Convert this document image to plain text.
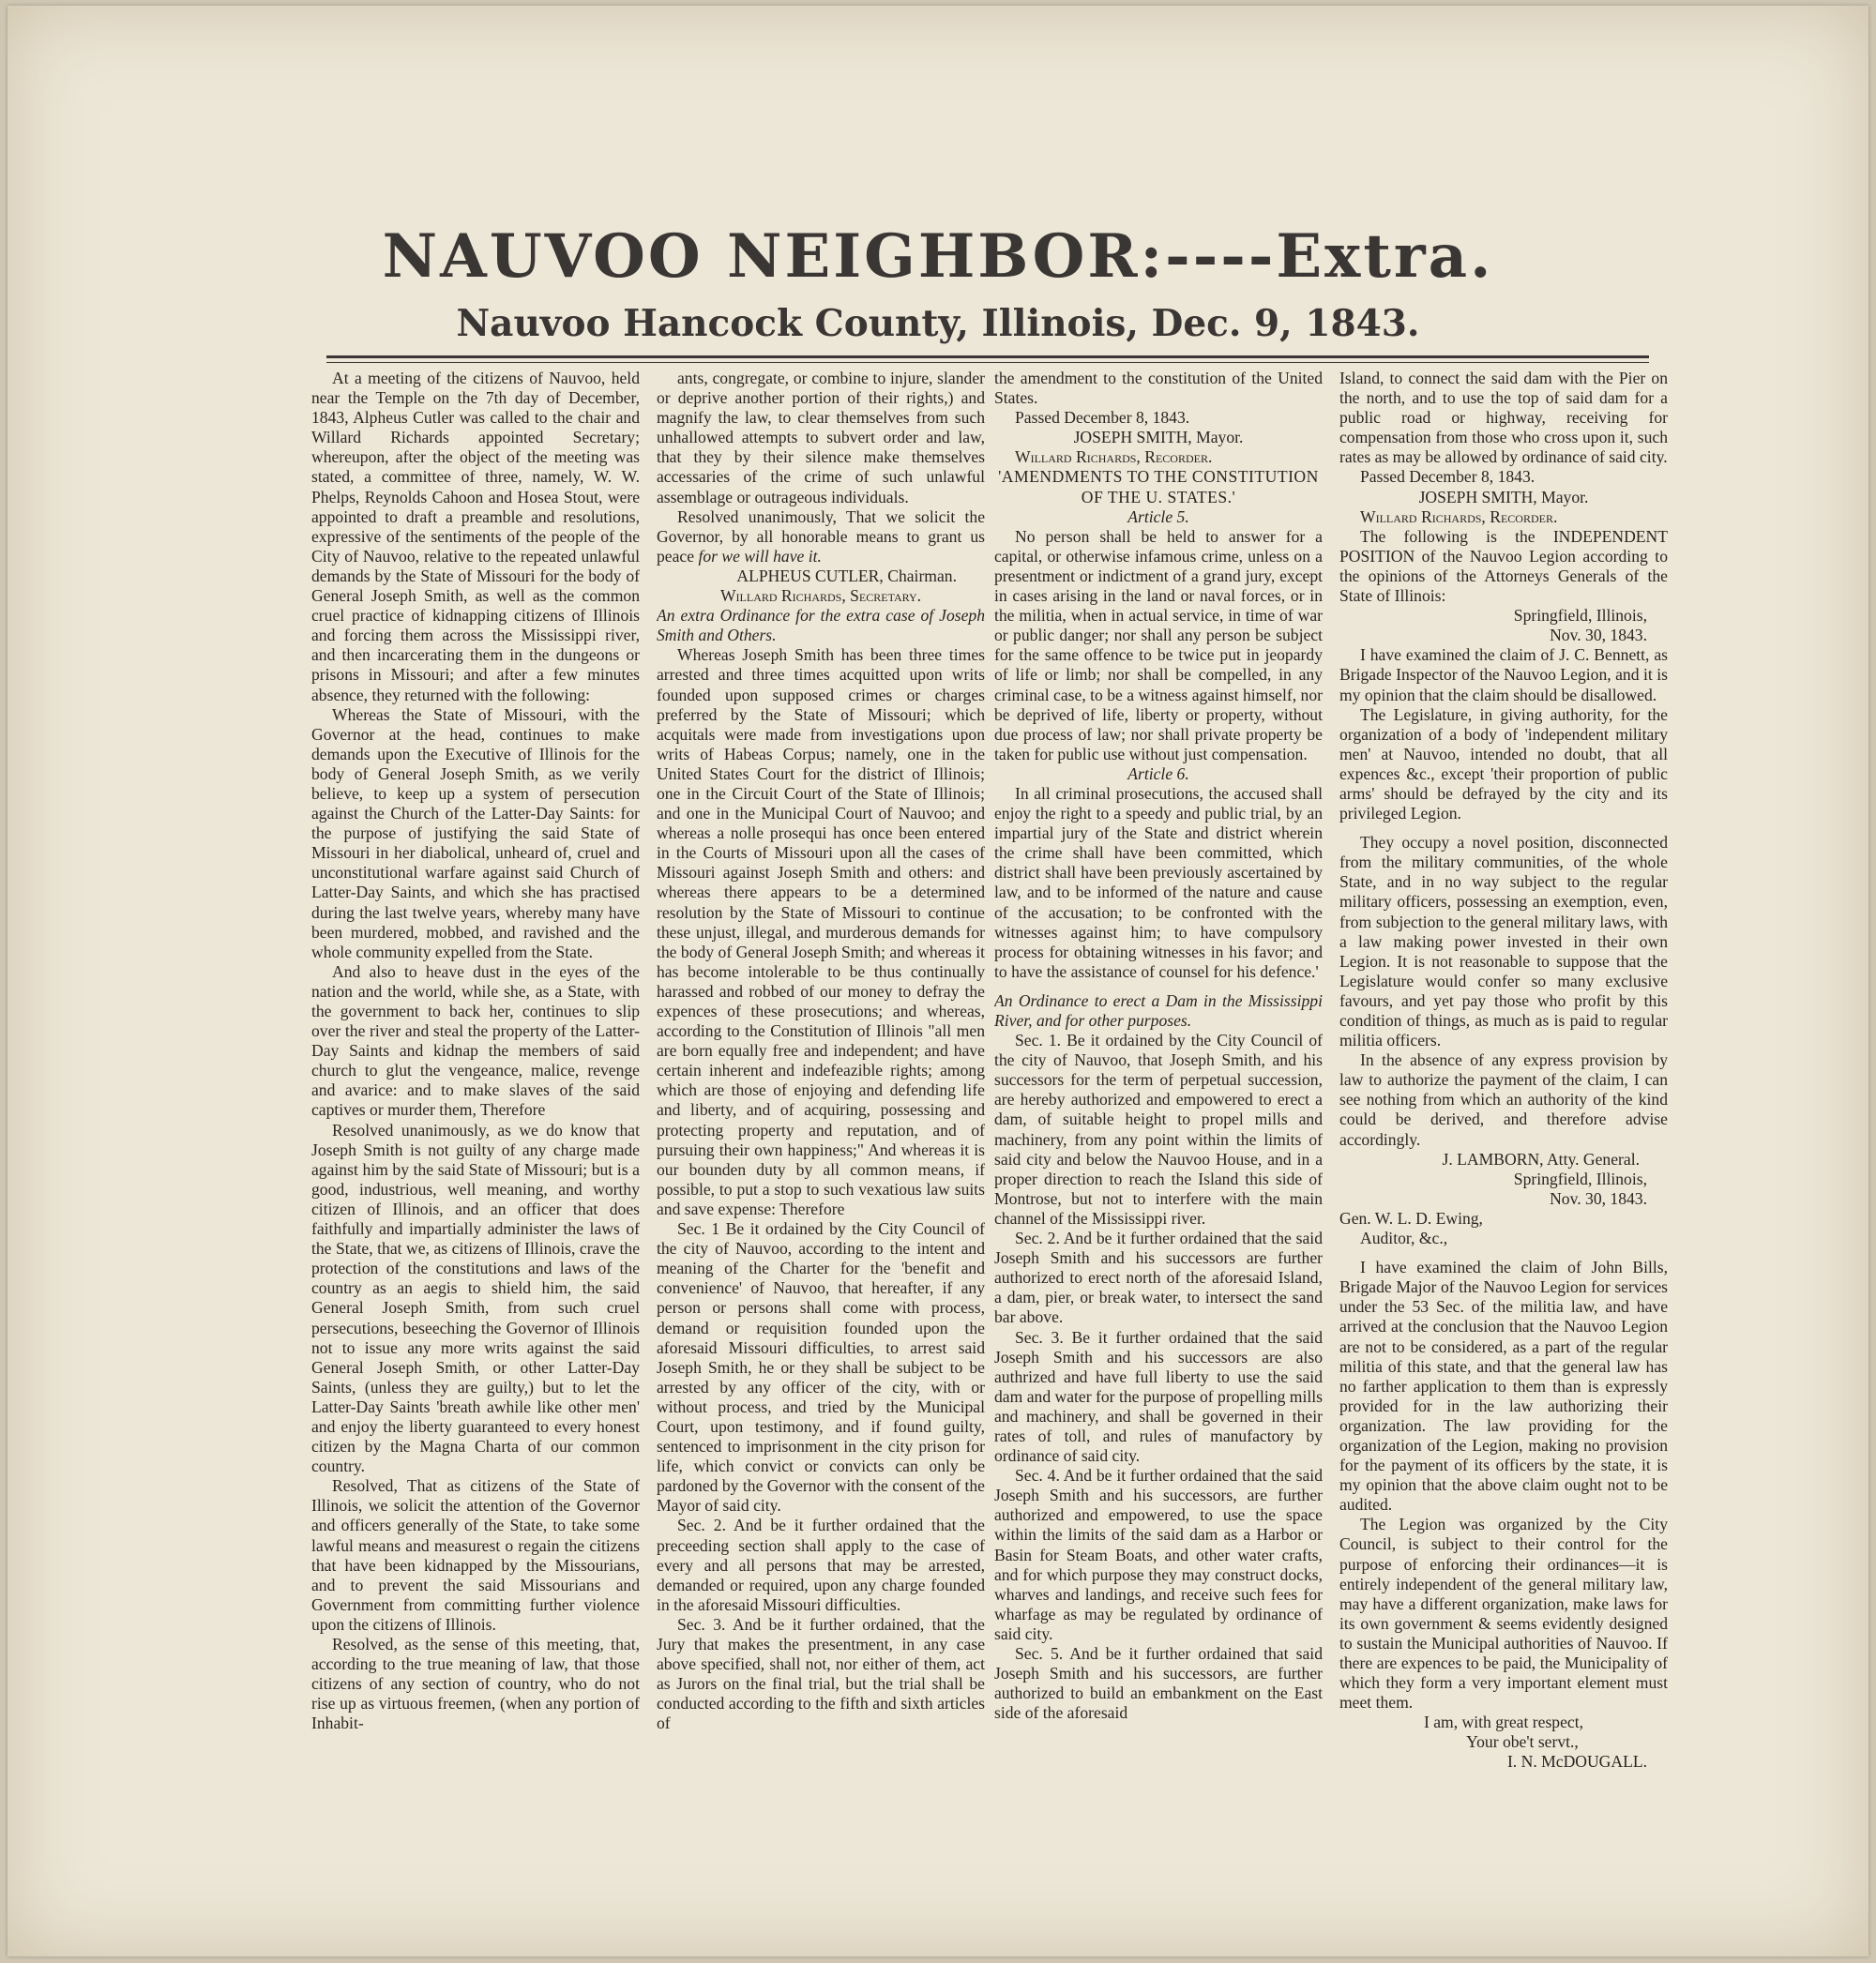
NAUVOO NEIGHBOR:----Extra.
Nauvoo Hancock County, Illinois, Dec. 9, 1843.

At a meeting of the citizens of Nauvoo, held near the Temple on the 7th day of December, 1843, Alpheus Cutler was called to the chair and Willard Richards appointed Secretary; whereupon, after the object of the meeting was stated, a committee of three, namely, W. W. Phelps, Reynolds Cahoon and Hosea Stout, were appointed to draft a preamble and resolutions, expressive of the sentiments of the people of the City of Nauvoo, relative to the repeated unlawful demands by the State of Missouri for the body of General Joseph Smith, as well as the common cruel practice of kidnapping citizens of Illinois and forcing them across the Mississippi river, and then incarcerating them in the dungeons or prisons in Missouri; and after a few minutes absence, they returned with the following:

Whereas the State of Missouri, with the Governor at the head, continues to make demands upon the Executive of Illinois for the body of General Joseph Smith, as we verily believe, to keep up a system of persecution against the Church of the Latter-Day Saints: for the purpose of justifying the said State of Missouri in her diabolical, unheard of, cruel and unconstitutional warfare against said Church of Latter-Day Saints, and which she has practised during the last twelve years, whereby many have been murdered, mobbed, and ravished and the whole community expelled from the State.

And also to heave dust in the eyes of the nation and the world, while she, as a State, with the government to back her, continues to slip over the river and steal the property of the Latter-Day Saints and kidnap the members of said church to glut the vengeance, malice, revenge and avarice: and to make slaves of the said captives or murder them, Therefore

Resolved unanimously, as we do know that Joseph Smith is not guilty of any charge made against him by the said State of Missouri; but is a good, industrious, well meaning, and worthy citizen of Illinois, and an officer that does faithfully and impartially administer the laws of the State, that we, as citizens of Illinois, crave the protection of the constitutions and laws of the country as an aegis to shield him, the said General Joseph Smith, from such cruel persecutions, beseeching the Governor of Illinois not to issue any more writs against the said General Joseph Smith, or other Latter-Day Saints, (unless they are guilty,) but to let the Latter-Day Saints 'breath awhile like other men' and enjoy the liberty guaranteed to every honest citizen by the Magna Charta of our common country.

Resolved, That as citizens of the State of Illinois, we solicit the attention of the Governor and officers generally of the State, to take some lawful means and measurest o regain the citizens that have been kidnapped by the Missourians, and to prevent the said Missourians and Government from committing further violence upon the citizens of Illinois.

Resolved, as the sense of this meeting, that, according to the true meaning of law, that those citizens of any section of country, who do not rise up as virtuous freemen, (when any portion of Inhabit-

ants, congregate, or combine to injure, slander or deprive another portion of their rights,) and magnify the law, to clear themselves from such unhallowed attempts to subvert order and law, that they by their silence make themselves accessaries of the crime of such unlawful assemblage or outrageous individuals.

Resolved unanimously, That we solicit the Governor, by all honorable means to grant us peace for we will have it.

ALPHEUS CUTLER, Chairman.

Willard Richards, Secretary.

An extra Ordinance for the extra case of Joseph Smith and Others.

Whereas Joseph Smith has been three times arrested and three times acquitted upon writs founded upon supposed crimes or charges preferred by the State of Missouri; which acquitals were made from investigations upon writs of Habeas Corpus; namely, one in the United States Court for the district of Illinois; one in the Circuit Court of the State of Illinois; and one in the Municipal Court of Nauvoo; and whereas a nolle prosequi has once been entered in the Courts of Missouri upon all the cases of Missouri against Joseph Smith and others: and whereas there appears to be a determined resolution by the State of Missouri to continue these unjust, illegal, and murderous demands for the body of General Joseph Smith; and whereas it has become intolerable to be thus continually harassed and robbed of our money to defray the expences of these prosecutions; and whereas, according to the Constitution of Illinois "all men are born equally free and independent; and have certain inherent and indefeazible rights; among which are those of enjoying and defending life and liberty, and of acquiring, possessing and protecting property and reputation, and of pursuing their own happiness;" And whereas it is our bounden duty by all common means, if possible, to put a stop to such vexatious law suits and save expense: Therefore

Sec. 1 Be it ordained by the City Council of the city of Nauvoo, according to the intent and meaning of the Charter for the 'benefit and convenience' of Nauvoo, that hereafter, if any person or persons shall come with process, demand or requisition founded upon the aforesaid Missouri difficulties, to arrest said Joseph Smith, he or they shall be subject to be arrested by any officer of the city, with or without process, and tried by the Municipal Court, upon testimony, and if found guilty, sentenced to imprisonment in the city prison for life, which convict or convicts can only be pardoned by the Governor with the consent of the Mayor of said city.

Sec. 2. And be it further ordained that the preceeding section shall apply to the case of every and all persons that may be arrested, demanded or required, upon any charge founded in the aforesaid Missouri difficulties.

Sec. 3. And be it further ordained, that the Jury that makes the presentment, in any case above specified, shall not, nor either of them, act as Jurors on the final trial, but the trial shall be conducted according to the fifth and sixth articles of

the amendment to the constitution of the United States.

Passed December 8, 1843.

JOSEPH SMITH, Mayor.

Willard Richards, Recorder.

'AMENDMENTS TO THE CONSTITUTION OF THE U. STATES.'

Article 5.

No person shall be held to answer for a capital, or otherwise infamous crime, unless on a presentment or indictment of a grand jury, except in cases arising in the land or naval forces, or in the militia, when in actual service, in time of war or public danger; nor shall any person be subject for the same offence to be twice put in jeopardy of life or limb; nor shall be compelled, in any criminal case, to be a witness against himself, nor be deprived of life, liberty or property, without due process of law; nor shall private property be taken for public use without just compensation.

Article 6.

In all criminal prosecutions, the accused shall enjoy the right to a speedy and public trial, by an impartial jury of the State and district wherein the crime shall have been committed, which district shall have been previously ascertained by law, and to be informed of the nature and cause of the accusation; to be confronted with the witnesses against him; to have compulsory process for obtaining witnesses in his favor; and to have the assistance of counsel for his defence.'

An Ordinance to erect a Dam in the Mississippi River, and for other purposes.

Sec. 1. Be it ordained by the City Council of the city of Nauvoo, that Joseph Smith, and his successors for the term of perpetual succession, are hereby authorized and empowered to erect a dam, of suitable height to propel mills and machinery, from any point within the limits of said city and below the Nauvoo House, and in a proper direction to reach the Island this side of Montrose, but not to interfere with the main channel of the Mississippi river.

Sec. 2. And be it further ordained that the said Joseph Smith and his successors are further authorized to erect north of the aforesaid Island, a dam, pier, or break water, to intersect the sand bar above.

Sec. 3. Be it further ordained that the said Joseph Smith and his successors are also authrized and have full liberty to use the said dam and water for the purpose of propelling mills and machinery, and shall be governed in their rates of toll, and rules of manufactory by ordinance of said city.

Sec. 4. And be it further ordained that the said Joseph Smith and his successors, are further authorized and empowered, to use the space within the limits of the said dam as a Harbor or Basin for Steam Boats, and other water crafts, and for which purpose they may construct docks, wharves and landings, and receive such fees for wharfage as may be regulated by ordinance of said city.

Sec. 5. And be it further ordained that said Joseph Smith and his successors, are further authorized to build an embankment on the East side of the aforesaid

Island, to connect the said dam with the Pier on the north, and to use the top of said dam for a public road or highway, receiving for compensation from those who cross upon it, such rates as may be allowed by ordinance of said city.

Passed December 8, 1843.

JOSEPH SMITH, Mayor.

Willard Richards, Recorder.

The following is the INDEPENDENT POSITION of the Nauvoo Legion according to the opinions of the Attorneys Generals of the State of Illinois:

Springfield, Illinois,

Nov. 30, 1843.

I have examined the claim of J. C. Bennett, as Brigade Inspector of the Nauvoo Legion, and it is my opinion that the claim should be disallowed.

The Legislature, in giving authority, for the organization of a body of 'independent military men' at Nauvoo, intended no doubt, that all expences &c., except 'their proportion of public arms' should be defrayed by the city and its privileged Legion.

They occupy a novel position, disconnected from the military communities, of the whole State, and in no way subject to the regular military officers, possessing an exemption, even, from subjection to the general military laws, with a law making power invested in their own Legion. It is not reasonable to suppose that the Legislature would confer so many exclusive favours, and yet pay those who profit by this condition of things, as much as is paid to regular militia officers.

In the absence of any express provision by law to authorize the payment of the claim, I can see nothing from which an authority of the kind could be derived, and therefore advise accordingly.

J. LAMBORN, Atty. General.

Springfield, Illinois,

Nov. 30, 1843.

Gen. W. L. D. Ewing,

Auditor, &c.,

I have examined the claim of John Bills, Brigade Major of the Nauvoo Legion for services under the 53 Sec. of the militia law, and have arrived at the conclusion that the Nauvoo Legion are not to be considered, as a part of the regular militia of this state, and that the general law has no farther application to them than is expressly provided for in the law authorizing their organization. The law providing for the organization of the Legion, making no provision for the payment of its officers by the state, it is my opinion that the above claim ought not to be audited.

The Legion was organized by the City Council, is subject to their control for the purpose of enforcing their ordinances—it is entirely independent of the general military law, may have a different organization, make laws for its own government & seems evidently designed to sustain the Municipal authorities of Nauvoo. If there are expences to be paid, the Municipality of which they form a very important element must meet them.

I am, with great respect,

Your obe't servt.,

I. N. McDOUGALL.
